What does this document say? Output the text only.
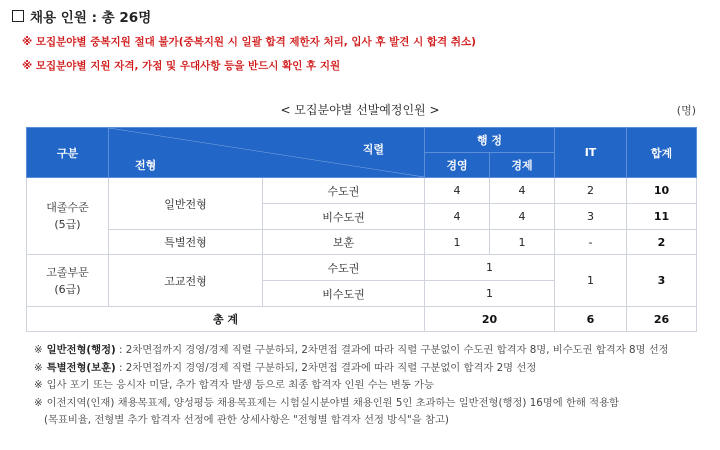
채용 인원 : 총 26명
※ 모집분야별 중복지원 절대 불가(중복지원 시 일괄 합격 제한자 처리, 입사 후 발견 시 합격 취소)
※ 모집분야별 지원 자격, 가점 및 우대사항 등을 반드시 확인 후 지원
< 모집분야별 선발예정인원 >	(명)
구분	직렬
전형		행 정		IT	합계
			경영	경제		
대졸수준
(5급)	일반전형	수도권	4	4	2	10
		비수도권	4	4	3	11
	특별전형	보훈	1	1	-	2
고졸부문
(6급)	고교전형	수도권	1		1	3
		비수도권	1			
총 계			20		6	26
※ 일반전형(행정) : 2차면접까지 경영/경제 직렬 구분하되, 2차면접 결과에 따라 직렬 구분없이 수도권 합격자 8명, 비수도권 합격자 8명 선정
※ 특별전형(보훈) : 2차면접까지 경영/경제 직렬 구분하되, 2차면접 결과에 따라 직렬 구분없이 합격자 2명 선정
※ 입사 포기 또는 응시자 미달, 추가 합격자 발생 등으로 최종 합격자 인원 수는 변동 가능
※ 이전지역(인재) 채용목표제, 양성평등 채용목표제는 시험실시분야별 채용인원 5인 초과하는 일반전형(행정) 16명에 한해 적용함
(목표비율, 전형별 추가 합격자 선정에 관한 상세사항은 "전형별 합격자 선정 방식"을 참고)
